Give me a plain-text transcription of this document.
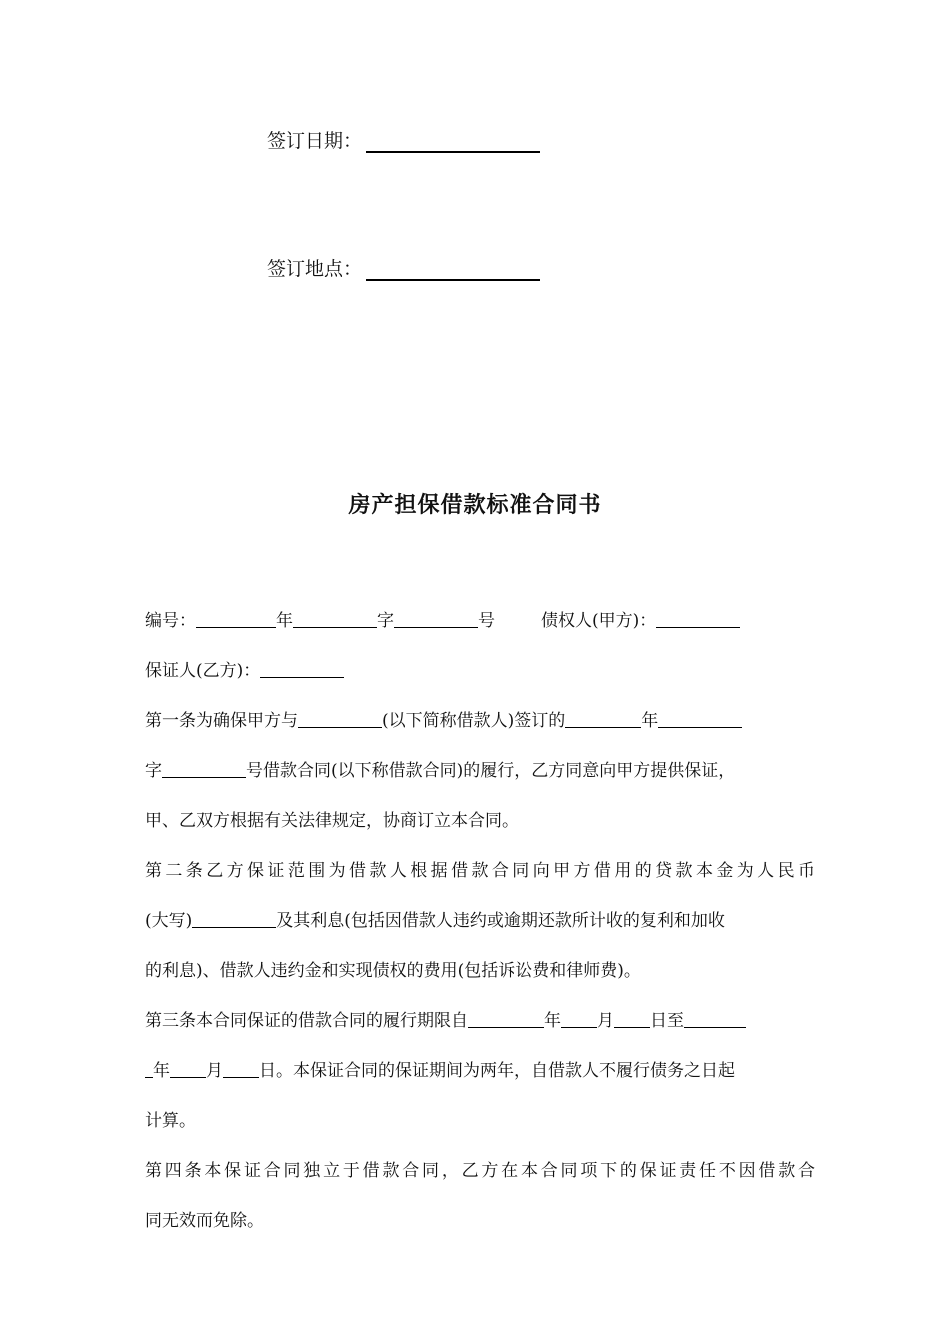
签订日期：
签订地点：
房产担保借款标准合同书
编号：	年	字	号	债权人(甲方)：
保证人(乙方)：
第一条为确保甲方与	(以下简称借款人)签订的	年
字	号借款合同(以下称借款合同)的履行，乙方同意向甲方提供保证，
甲、乙双方根据有关法律规定，协商订立本合同。
第二条乙方保证范围为借款人根据借款合同向甲方借用的贷款本金为人民币
(大写)	及其利息(包括因借款人违约或逾期还款所计收的复利和加收
的利息)、借款人违约金和实现债权的费用(包括诉讼费和律师费)。
第三条本合同保证的借款合同的履行期限自	年 月 日至
年 月 日。本保证合同的保证期间为两年，自借款人不履行债务之日起
计算。
第四条本保证合同独立于借款合同，乙方在本合同项下的保证责任不因借款合
同无效而免除。
